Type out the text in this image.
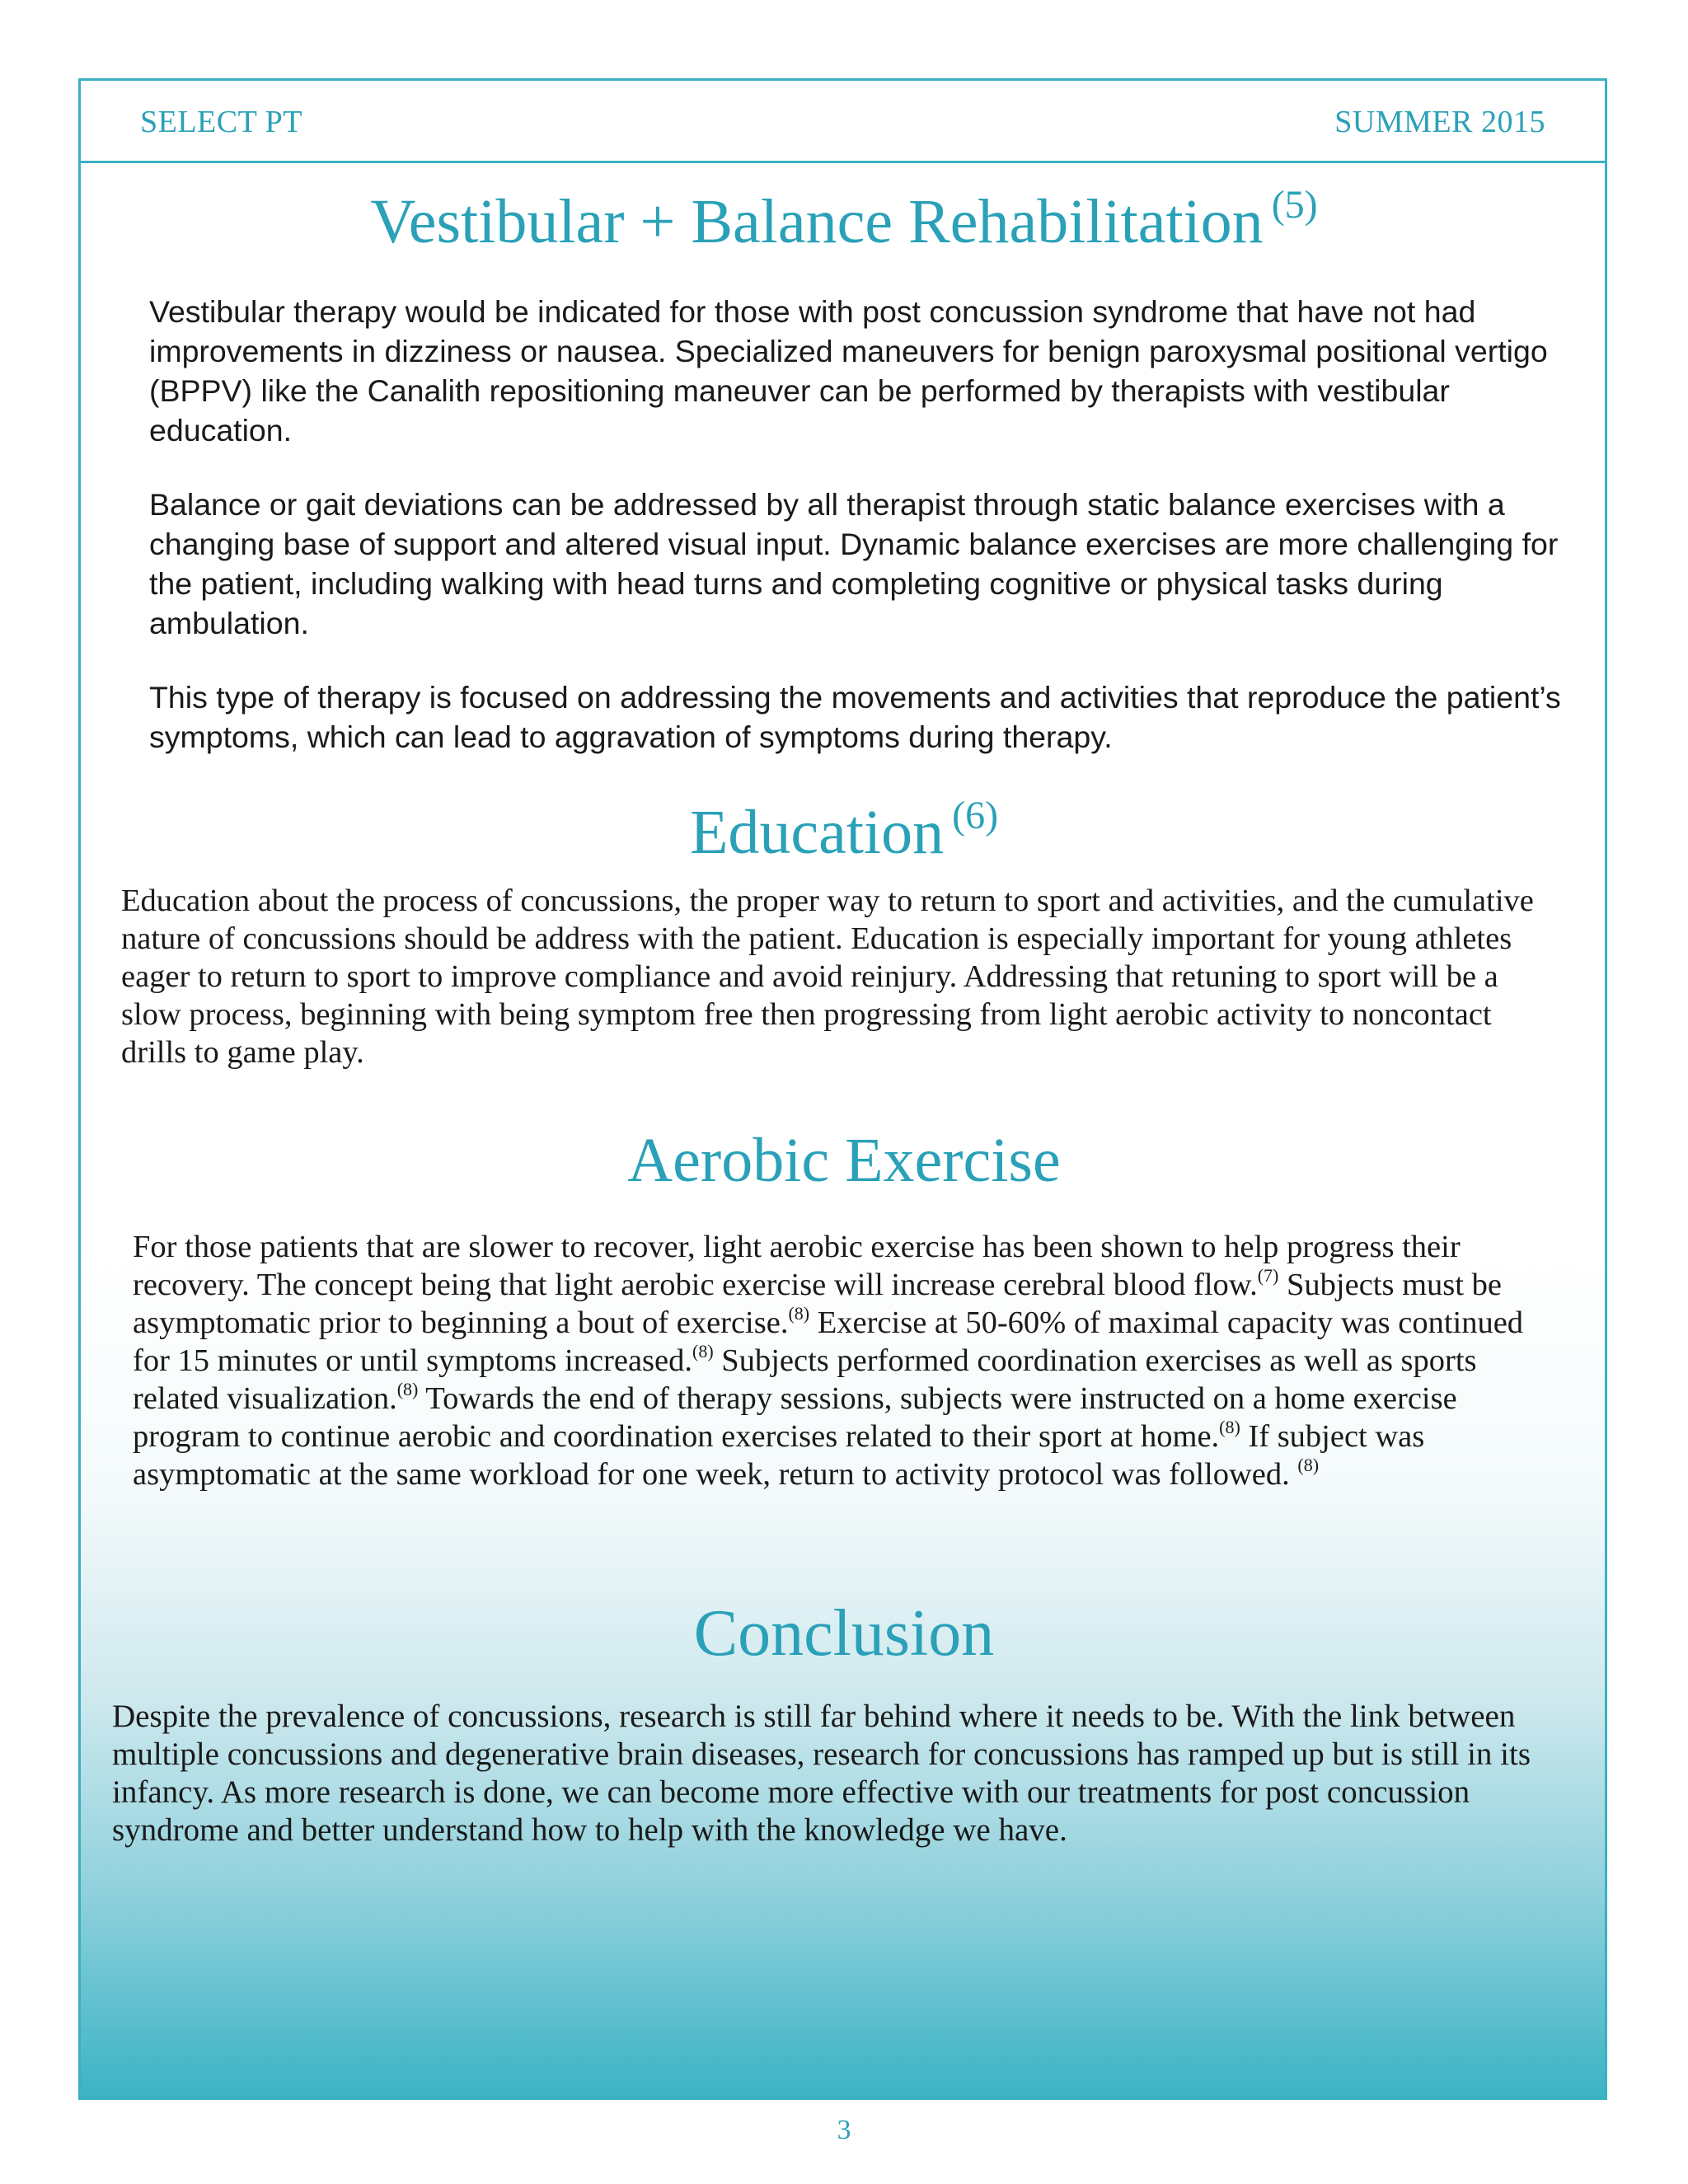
SELECT PT	SUMMER 2015
Vestibular + Balance Rehabilitation $^{(5)}$

Vestibular therapy would be indicated for those with post concussion syndrome that have not had improvements in dizziness or nausea. Specialized maneuvers for benign paroxysmal positional vertigo (BPPV) like the Canalith repositioning maneuver can be performed by therapists with vestibular education.

Balance or gait deviations can be addressed by all therapist through static balance exercises with a changing base of support and altered visual input. Dynamic balance exercises are more challenging for the patient, including walking with head turns and completing cognitive or physical tasks during ambulation.

This type of therapy is focused on addressing the movements and activities that reproduce the patient’s symptoms, which can lead to aggravation of symptoms during therapy.

Education $^{(6)}$

Education about the process of concussions, the proper way to return to sport and activities, and the cumulative nature of concussions should be address with the patient. Education is especially important for young athletes eager to return to sport to improve compliance and avoid reinjury. Addressing that retuning to sport will be a slow process, beginning with being symptom free then progressing from light aerobic activity to noncontact drills to game play.

Aerobic Exercise

For those patients that are slower to recover, light aerobic exercise has been shown to help progress their recovery. The concept being that light aerobic exercise will increase cerebral blood flow.$^{(7)}$ Subjects must be asymptomatic prior to beginning a bout of exercise.$^{(8)}$ Exercise at 50-60% of maximal capacity was continued for 15 minutes or until symptoms increased.$^{(8)}$ Subjects performed coordination exercises as well as sports related visualization.$^{(8)}$ Towards the end of therapy sessions, subjects were instructed on a home exercise program to continue aerobic and coordination exercises related to their sport at home.$^{(8)}$ If subject was asymptomatic at the same workload for one week, return to activity protocol was followed. $^{(8)}$

Conclusion

Despite the prevalence of concussions, research is still far behind where it needs to be. With the link between multiple concussions and degenerative brain diseases, research for concussions has ramped up but is still in its infancy. As more research is done, we can become more effective with our treatments for post concussion syndrome and better understand how to help with the knowledge we have.

3
